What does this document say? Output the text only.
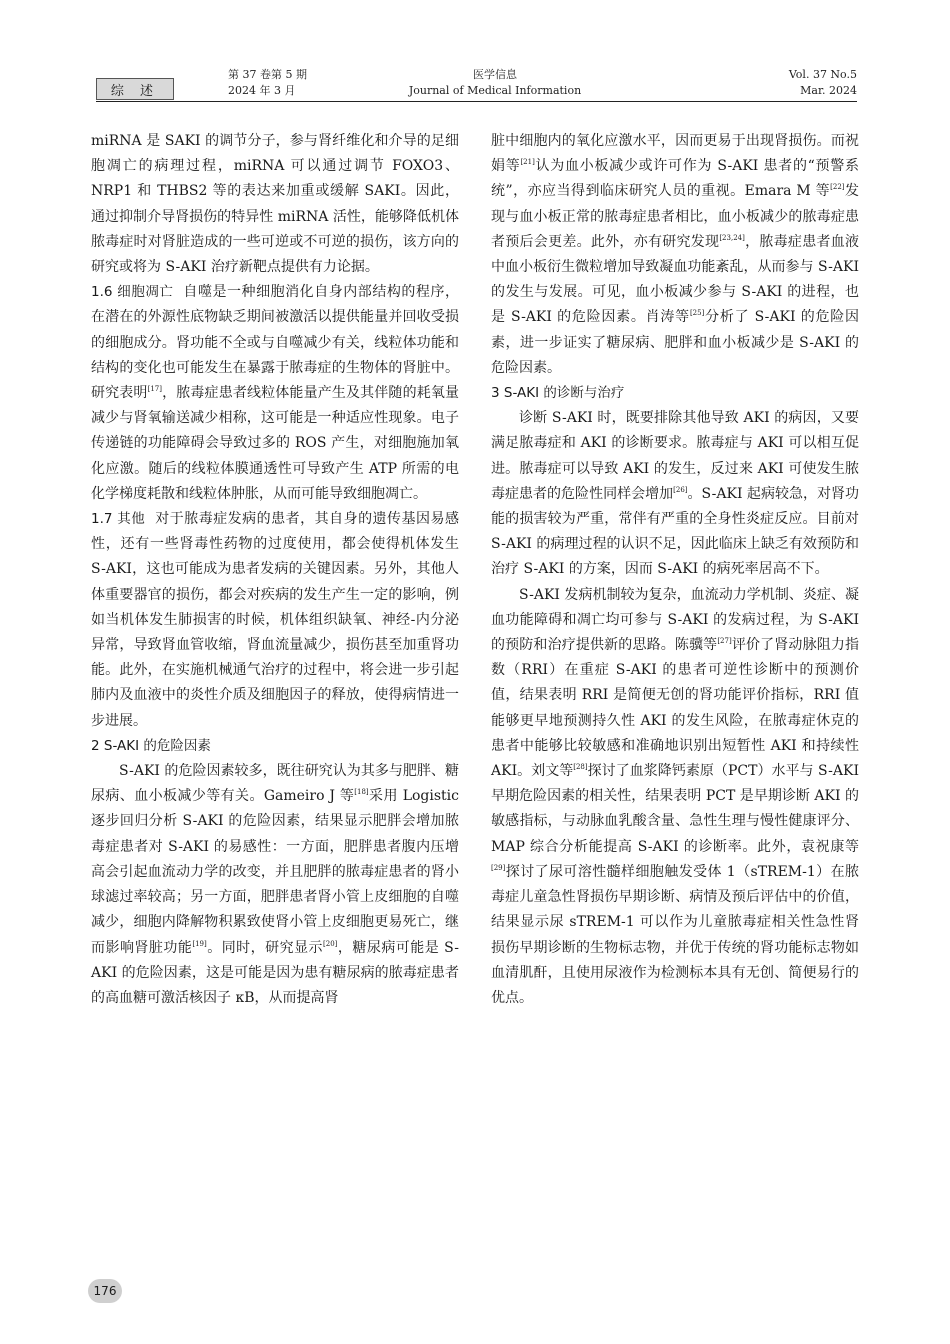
综 述
第 37 卷第 5 期
2024 年 3 月
医学信息
Journal of Medical Information
Vol. 37 No.5
Mar. 2024

miRNA 是 SAKI 的调节分子，参与肾纤维化和介导的足细胞凋亡的病理过程，miRNA 可以通过调节 FOXO3、NRP1 和 THBS2 等的表达来加重或缓解 SAKI。因此，通过抑制介导肾损伤的特异性 miRNA 活性，能够降低机体脓毒症时对肾脏造成的一些可逆或不可逆的损伤，该方向的研究或将为 S-AKI 治疗新靶点提供有力论据。

1.6 细胞凋亡 自噬是一种细胞消化自身内部结构的程序，在潜在的外源性底物缺乏期间被激活以提供能量并回收受损的细胞成分。肾功能不全或与自噬减少有关，线粒体功能和结构的变化也可能发生在暴露于脓毒症的生物体的肾脏中。研究表明[17]，脓毒症患者线粒体能量产生及其伴随的耗氧量减少与肾氧输送减少相称，这可能是一种适应性现象。电子传递链的功能障碍会导致过多的 ROS 产生，对细胞施加氧化应激。随后的线粒体膜通透性可导致产生 ATP 所需的电化学梯度耗散和线粒体肿胀，从而可能导致细胞凋亡。

1.7 其他 对于脓毒症发病的患者，其自身的遗传基因易感性，还有一些肾毒性药物的过度使用，都会使得机体发生 S-AKI，这也可能成为患者发病的关键因素。另外，其他人体重要器官的损伤，都会对疾病的发生产生一定的影响，例如当机体发生肺损害的时候，机体组织缺氧、神经-内分泌异常，导致肾血管收缩，肾血流量减少，损伤甚至加重肾功能。此外，在实施机械通气治疗的过程中，将会进一步引起肺内及血液中的炎性介质及细胞因子的释放，使得病情进一步进展。

2 S-AKI 的危险因素

S-AKI 的危险因素较多，既往研究认为其多与肥胖、糖尿病、血小板减少等有关。Gameiro J 等[18]采用 Logistic 逐步回归分析 S-AKI 的危险因素，结果显示肥胖会增加脓毒症患者对 S-AKI 的易感性：一方面，肥胖患者腹内压增高会引起血流动力学的改变，并且肥胖的脓毒症患者的肾小球滤过率较高；另一方面，肥胖患者肾小管上皮细胞的自噬减少，细胞内降解物积累致使肾小管上皮细胞更易死亡，继而影响肾脏功能[19]。同时，研究显示[20]，糖尿病可能是 S-AKI 的危险因素，这是可能是因为患有糖尿病的脓毒症患者的高血糖可激活核因子 κB，从而提高肾

脏中细胞内的氧化应激水平，因而更易于出现肾损伤。而祝娟等[21]认为血小板减少或许可作为 S-AKI 患者的“预警系统”，亦应当得到临床研究人员的重视。Emara M 等[22]发现与血小板正常的脓毒症患者相比，血小板减少的脓毒症患者预后会更差。此外，亦有研究发现[23,24]，脓毒症患者血液中血小板衍生微粒增加导致凝血功能紊乱，从而参与 S-AKI 的发生与发展。可见，血小板减少参与 S-AKI 的进程，也是 S-AKI 的危险因素。肖涛等[25]分析了 S-AKI 的危险因素，进一步证实了糖尿病、肥胖和血小板减少是 S-AKI 的危险因素。

3 S-AKI 的诊断与治疗

诊断 S-AKI 时，既要排除其他导致 AKI 的病因，又要满足脓毒症和 AKI 的诊断要求。脓毒症与 AKI 可以相互促进。脓毒症可以导致 AKI 的发生，反过来 AKI 可使发生脓毒症患者的危险性同样会增加[26]。S-AKI 起病较急，对肾功能的损害较为严重，常伴有严重的全身性炎症反应。目前对 S-AKI 的病理过程的认识不足，因此临床上缺乏有效预防和治疗 S-AKI 的方案，因而 S-AKI 的病死率居高不下。

S-AKI 发病机制较为复杂，血流动力学机制、炎症、凝血功能障碍和凋亡均可参与 S-AKI 的发病过程，为 S-AKI 的预防和治疗提供新的思路。陈骥等[27]评价了肾动脉阻力指数（RRI）在重症 S-AKI 的患者可逆性诊断中的预测价值，结果表明 RRI 是简便无创的肾功能评价指标，RRI 值能够更早地预测持久性 AKI 的发生风险，在脓毒症休克的患者中能够比较敏感和准确地识别出短暂性 AKI 和持续性 AKI。刘文等[28]探讨了血浆降钙素原（PCT）水平与 S-AKI 早期危险因素的相关性，结果表明 PCT 是早期诊断 AKI 的敏感指标，与动脉血乳酸含量、急性生理与慢性健康评分、MAP 综合分析能提高 S-AKI 的诊断率。此外，袁祝康等[29]探讨了尿可溶性髓样细胞触发受体 1（sTREM-1）在脓毒症儿童急性肾损伤早期诊断、病情及预后评估中的价值，结果显示尿 sTREM-1 可以作为儿童脓毒症相关性急性肾损伤早期诊断的生物标志物，并优于传统的肾功能标志物如血清肌酐，且使用尿液作为检测标本具有无创、简便易行的优点。

176
